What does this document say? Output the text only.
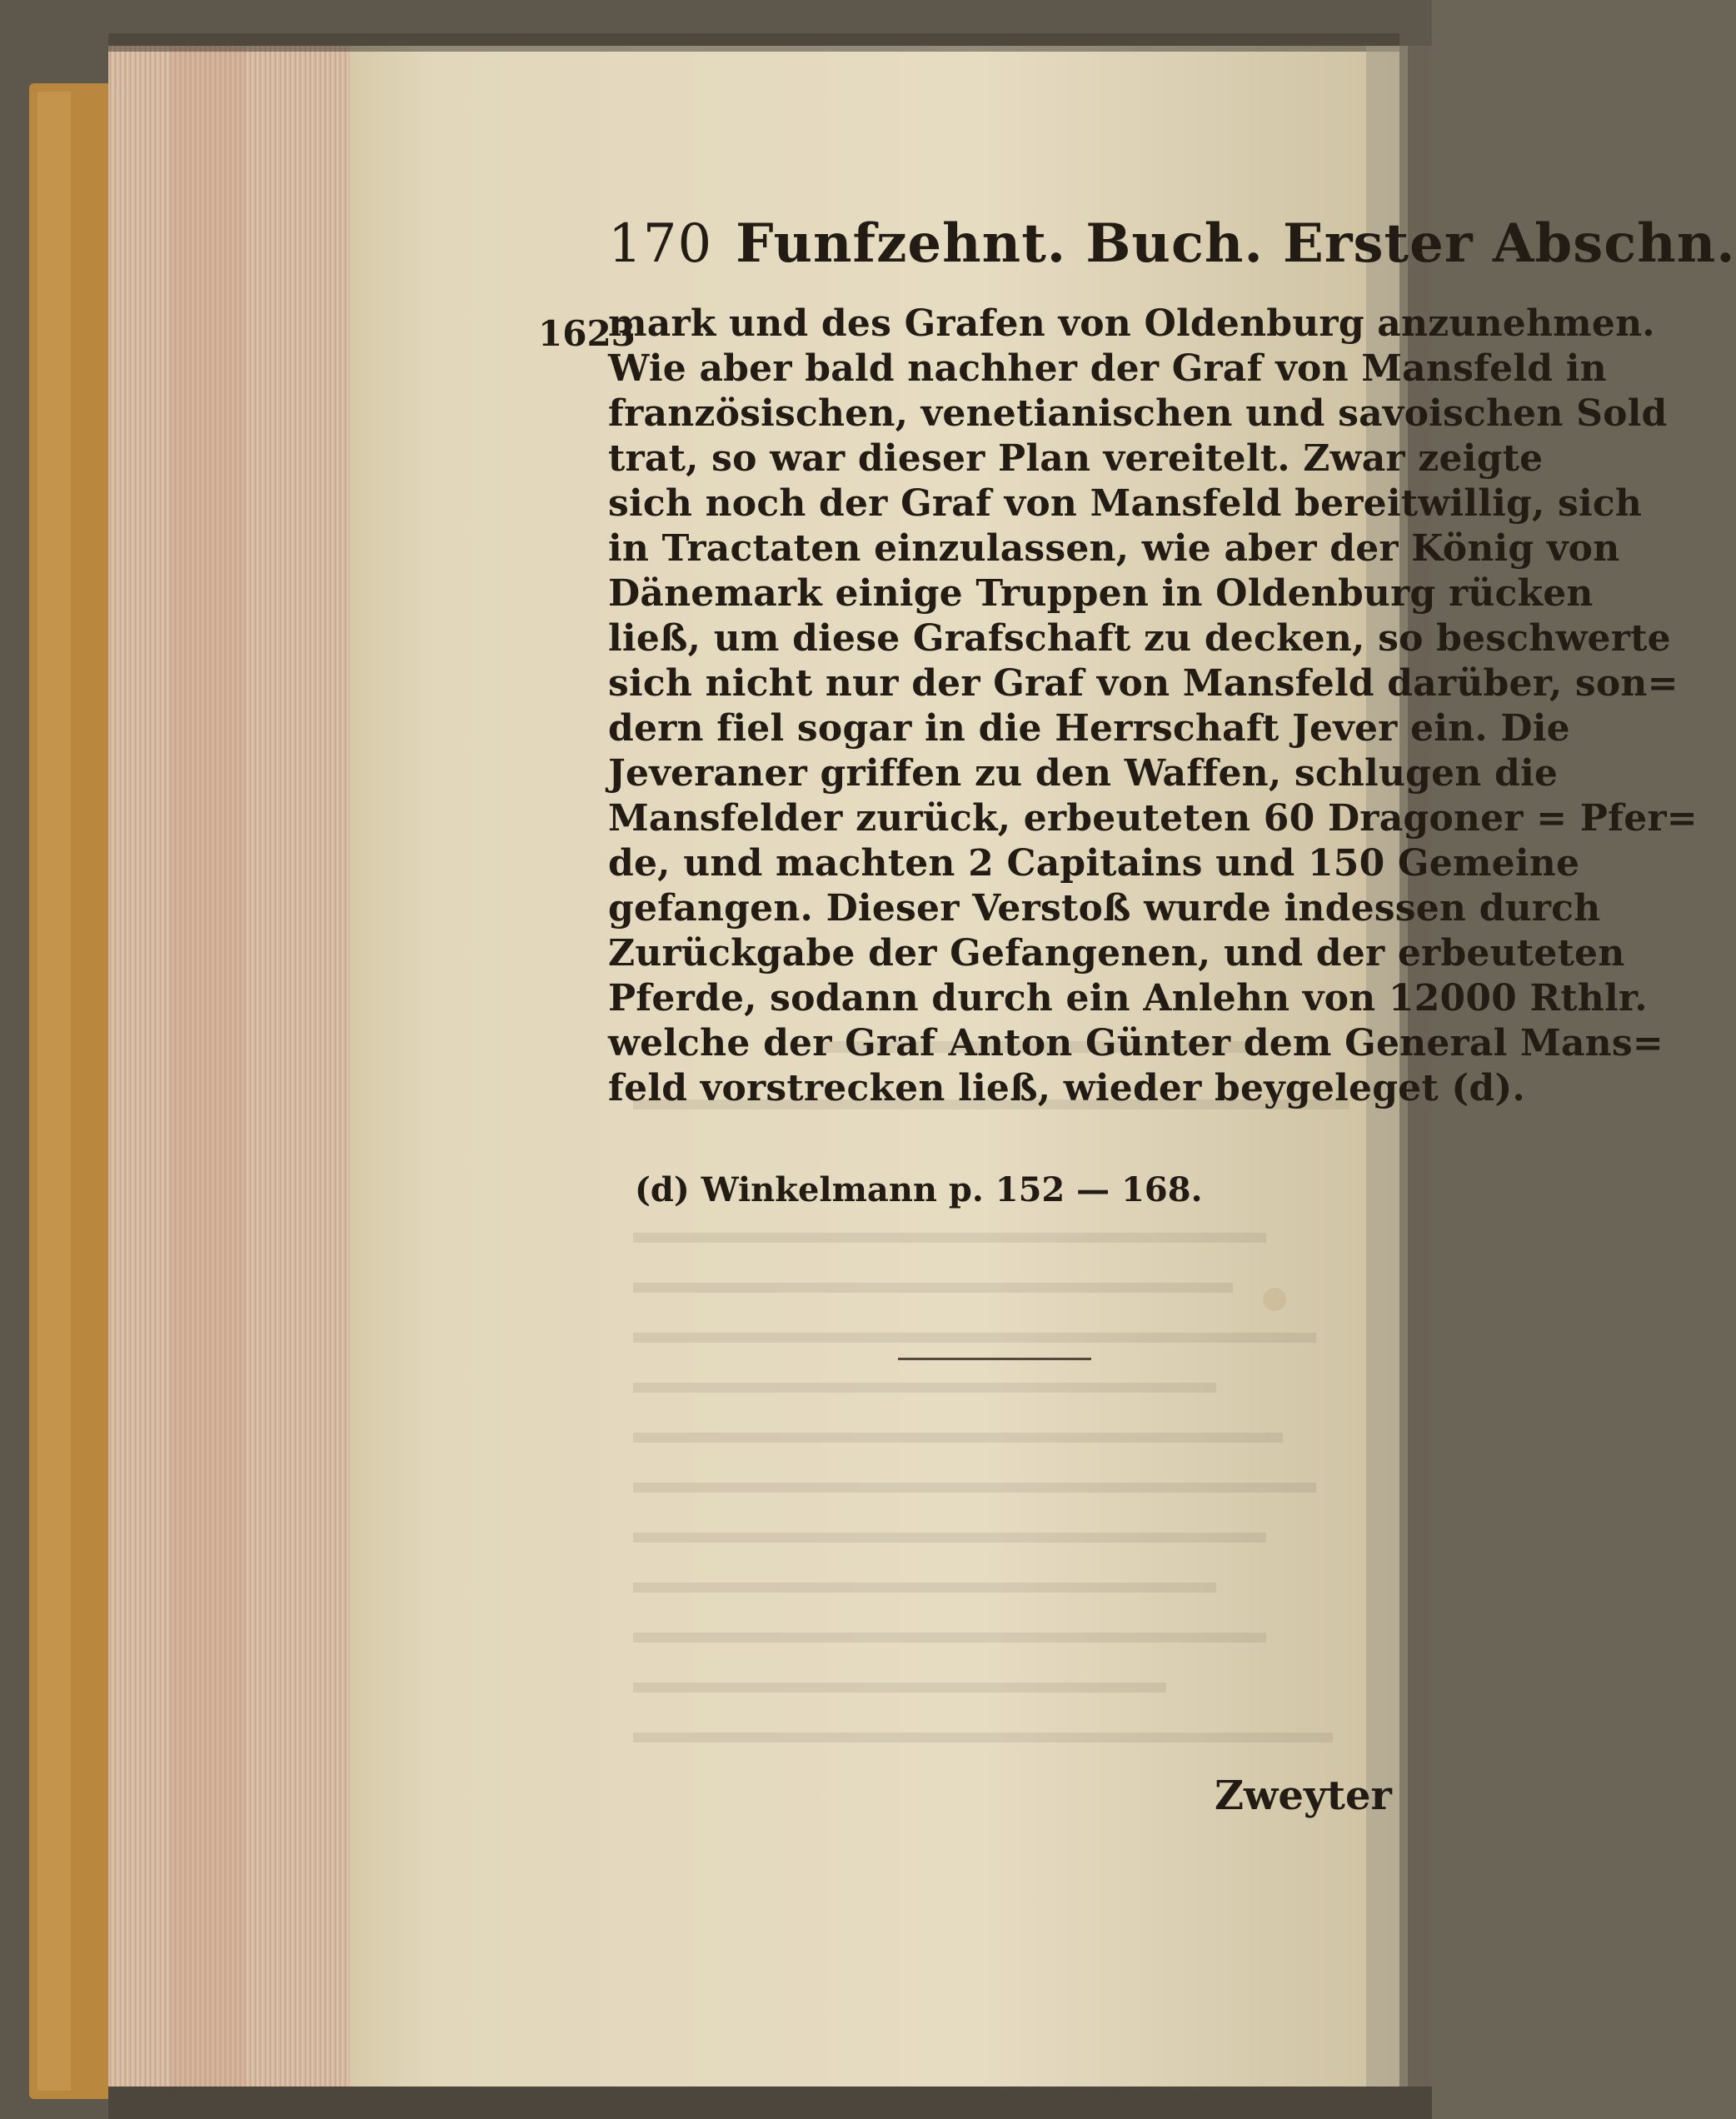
170 Funfzehnt. Buch. Erster Abschn.
1623
mark und des Grafen von Oldenburg anzunehmen.
Wie aber bald nachher der Graf von Mansfeld in
französischen, venetianischen und savoischen Sold
trat, so war dieser Plan vereitelt. Zwar zeigte
sich noch der Graf von Mansfeld bereitwillig, sich
in Tractaten einzulassen, wie aber der König von
Dänemark einige Truppen in Oldenburg rücken
ließ, um diese Grafschaft zu decken, so beschwerte
sich nicht nur der Graf von Mansfeld darüber, son=
dern fiel sogar in die Herrschaft Jever ein. Die
Jeveraner griffen zu den Waffen, schlugen die
Mansfelder zurück, erbeuteten 60 Dragoner = Pfer=
de, und machten 2 Capitains und 150 Gemeine
gefangen. Dieser Verstoß wurde indessen durch
Zurückgabe der Gefangenen, und der erbeuteten
Pferde, sodann durch ein Anlehn von 12000 Rthlr.
welche der Graf Anton Günter dem General Mans=
feld vorstrecken ließ, wieder beygeleget (d).
(d) Winkelmann p. 152 — 168.
Zweyter
